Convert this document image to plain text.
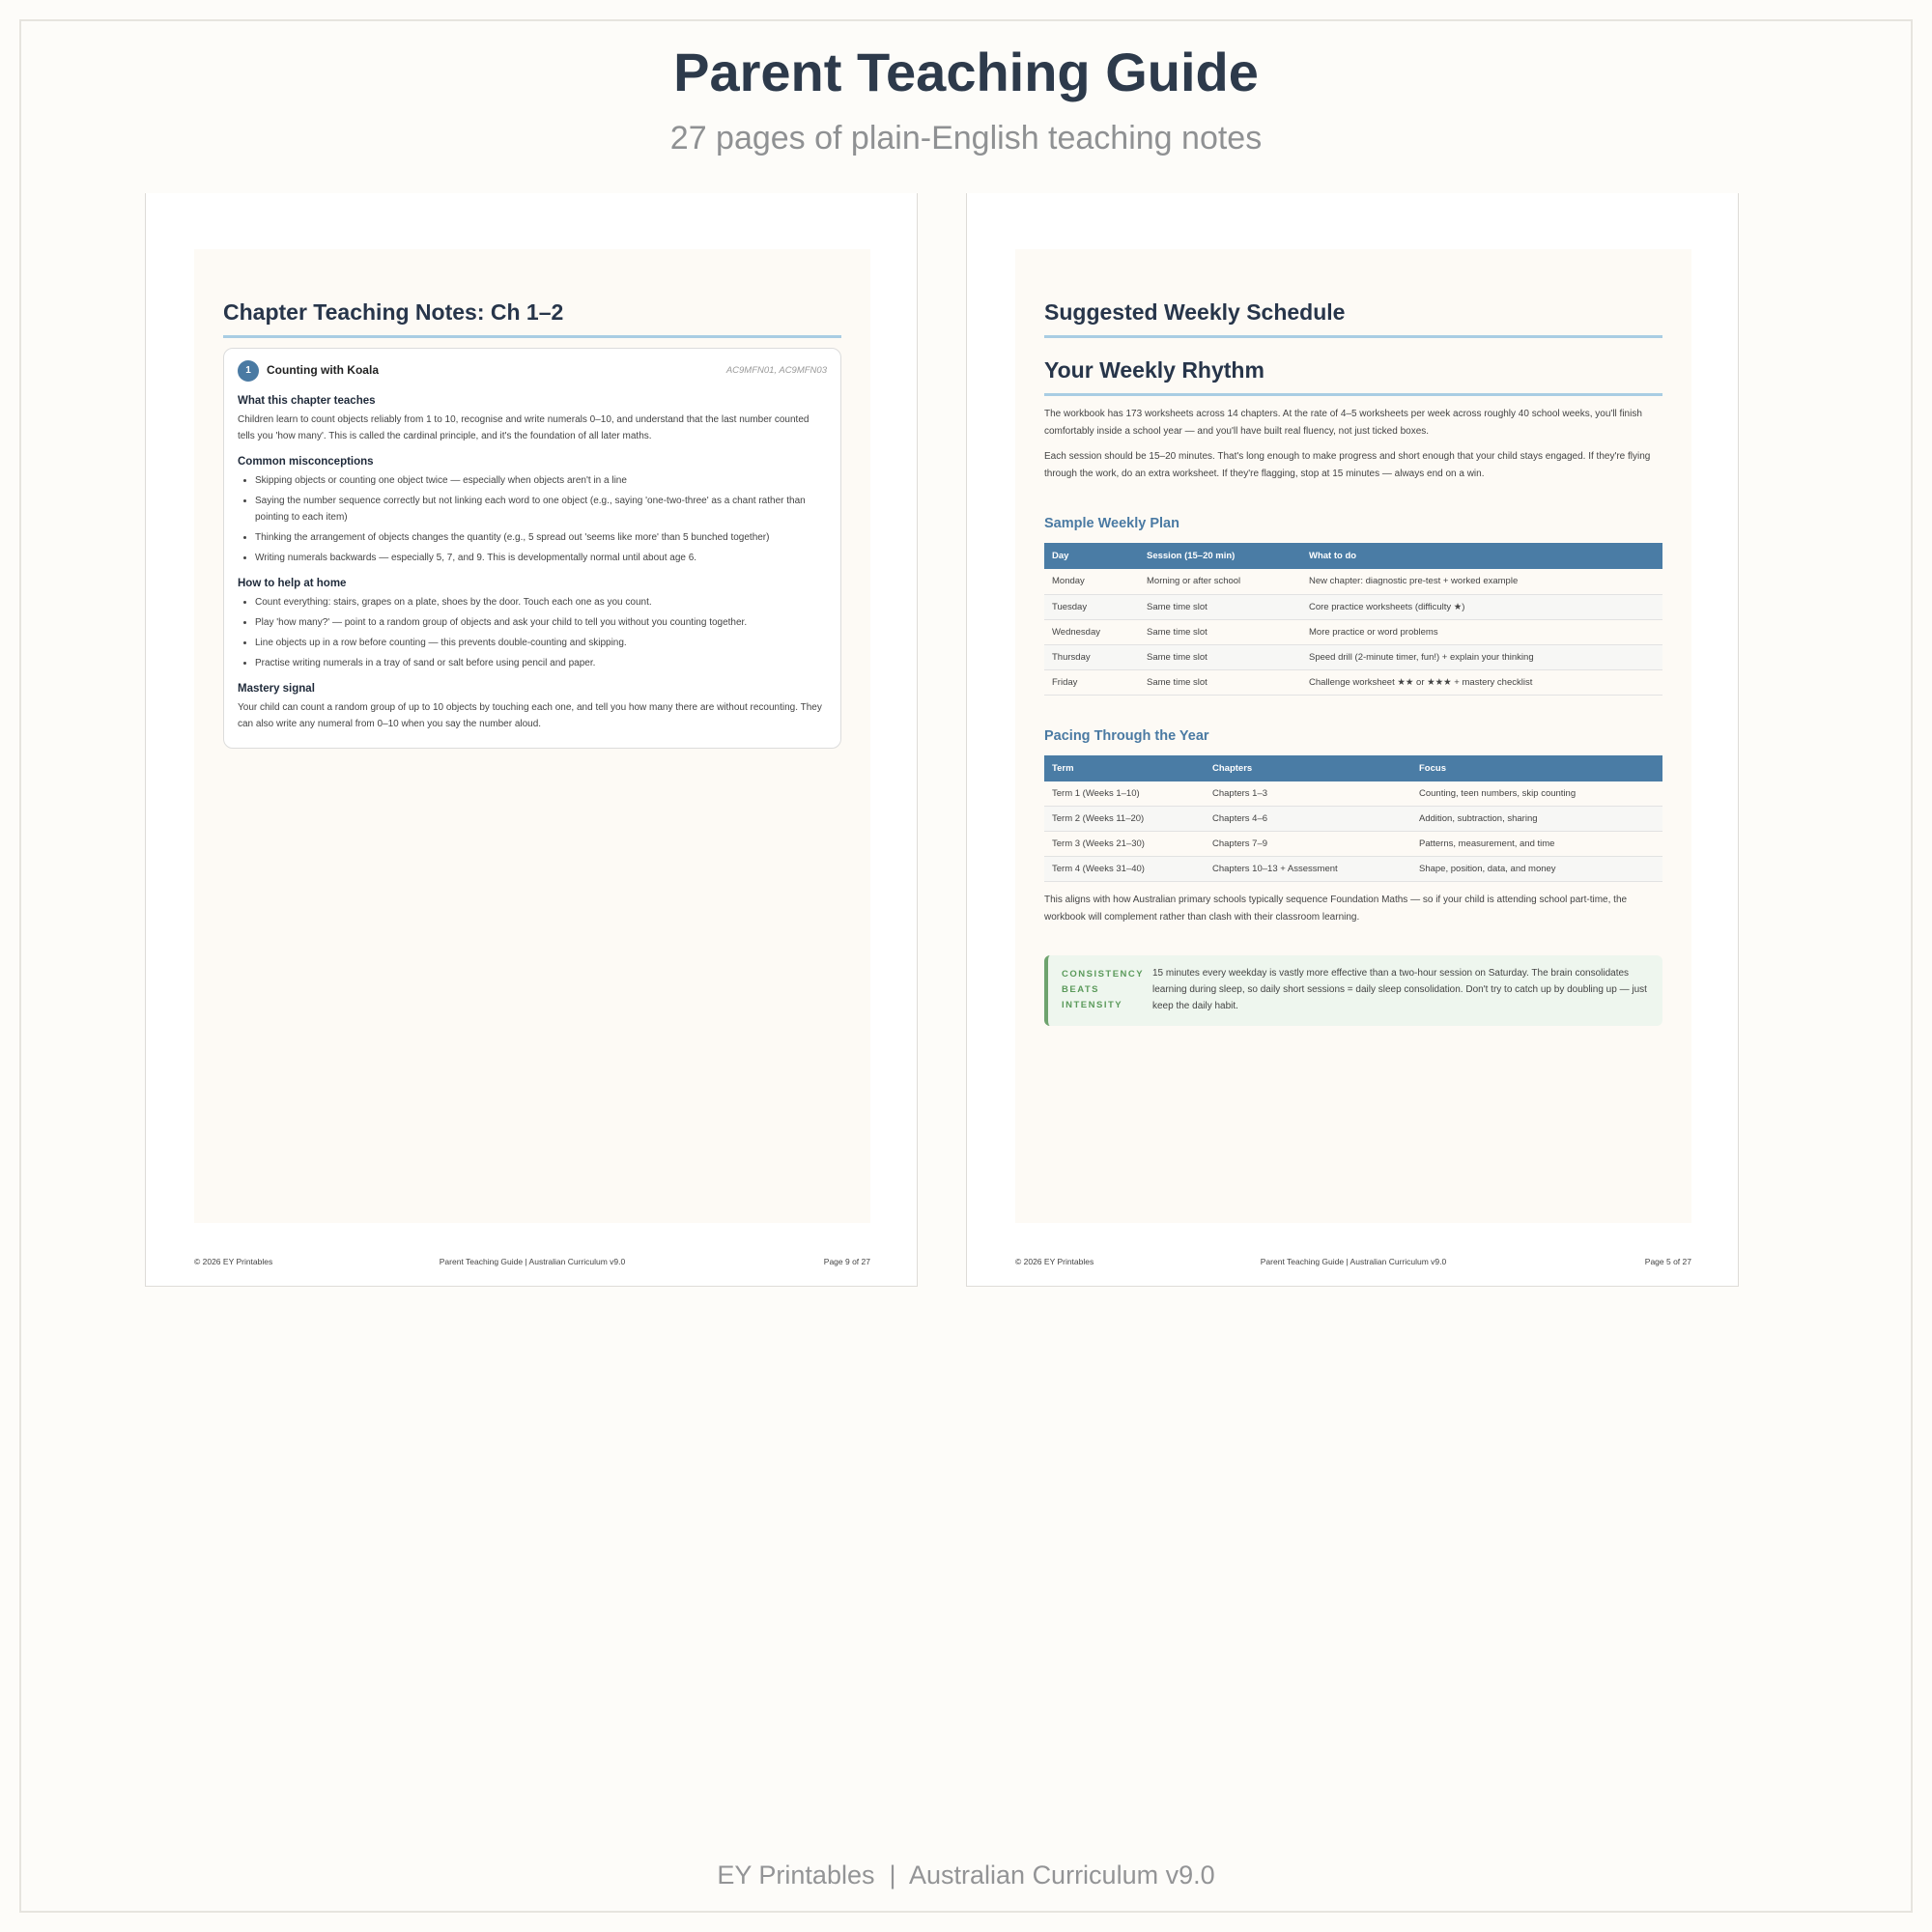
Parent Teaching Guide
27 pages of plain-English teaching notes
Chapter Teaching Notes: Ch 1–2
1	Counting with Koala	AC9MFN01, AC9MFN03
What this chapter teaches

Children learn to count objects reliably from 1 to 10, recognise and write numerals 0–10, and understand that the last number counted tells you 'how many'. This is called the cardinal principle, and it's the foundation of all later maths.

Common misconceptions
• Skipping objects or counting one object twice — especially when objects aren't in a line
• Saying the number sequence correctly but not linking each word to one object (e.g., saying 'one-two-three' as a chant rather than pointing to each item)
• Thinking the arrangement of objects changes the quantity (e.g., 5 spread out 'seems like more' than 5 bunched together)
• Writing numerals backwards — especially 5, 7, and 9. This is developmentally normal until about age 6.
How to help at home
• Count everything: stairs, grapes on a plate, shoes by the door. Touch each one as you count.
• Play 'how many?' — point to a random group of objects and ask your child to tell you without you counting together.
• Line objects up in a row before counting — this prevents double-counting and skipping.
• Practise writing numerals in a tray of sand or salt before using pencil and paper.
Mastery signal

Your child can count a random group of up to 10 objects by touching each one, and tell you how many there are without recounting. They can also write any numeral from 0–10 when you say the number aloud.

© 2026 EY Printables	Parent Teaching Guide | Australian Curriculum v9.0	Page 9 of 27
Suggested Weekly Schedule
Your Weekly Rhythm

The workbook has 173 worksheets across 14 chapters. At the rate of 4–5 worksheets per week across roughly 40 school weeks, you'll finish comfortably inside a school year — and you'll have built real fluency, not just ticked boxes.

Each session should be 15–20 minutes. That's long enough to make progress and short enough that your child stays engaged. If they're flying through the work, do an extra worksheet. If they're flagging, stop at 15 minutes — always end on a win.

Sample Weekly Plan
Day	Session (15–20 min)	What to do
Monday	Morning or after school	New chapter: diagnostic pre-test + worked example
Tuesday	Same time slot	Core practice worksheets (difficulty ★)
Wednesday	Same time slot	More practice or word problems
Thursday	Same time slot	Speed drill (2-minute timer, fun!) + explain your thinking
Friday	Same time slot	Challenge worksheet ★★ or ★★★ + mastery checklist
Pacing Through the Year
Term	Chapters	Focus
Term 1 (Weeks 1–10)	Chapters 1–3	Counting, teen numbers, skip counting
Term 2 (Weeks 11–20)	Chapters 4–6	Addition, subtraction, sharing
Term 3 (Weeks 21–30)	Chapters 7–9	Patterns, measurement, and time
Term 4 (Weeks 31–40)	Chapters 10–13 + Assessment	Shape, position, data, and money

This aligns with how Australian primary schools typically sequence Foundation Maths — so if your child is attending school part-time, the workbook will complement rather than clash with their classroom learning.

CONSISTENCY BEATS INTENSITY
15 minutes every weekday is vastly more effective than a two-hour session on Saturday. The brain consolidates learning during sleep, so daily short sessions = daily sleep consolidation. Don't try to catch up by doubling up — just keep the daily habit.
© 2026 EY Printables	Parent Teaching Guide | Australian Curriculum v9.0	Page 5 of 27
EY Printables  |  Australian Curriculum v9.0
